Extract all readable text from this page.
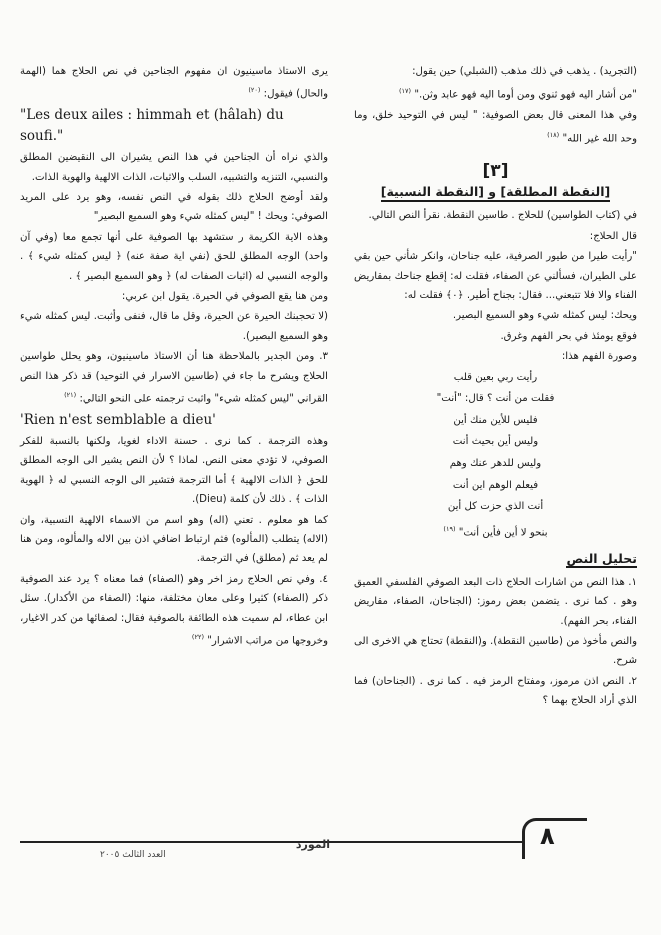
(التجريد) . يذهب في ذلك مذهب (الشبلي) حين يقول:

"من أشار اليه فهو ثنوي ومن أوما اليه فهو عابد وثن." $^{(١٧)}$

وفي هذا المعنى قال بعض الصوفية: " ليس في التوحيد خلق، وما وحد الله غير الله" $^{(١٨)}$

[٣]
[النقطة المطلقة] و [النقطة النسبية]

في (كتاب الطواسين) للحلاج . طاسين النقطة. نقرأ النص التالي.

قال الحلاج:

"رأيت طيرا من طيور الصرفية، عليه جناحان، وانكر شأني حين بقي على الطيران، فسألني عن الصفاء، فقلت له: إقطع جناحك بمقاريض الفناء والا فلا تتبعني... فقال: بجناح أطير. ﴿٠﴾ فقلت له:

ويحك: ليس كمثله شيء وهو السميع البصير.

فوقع يومئذ في بحر الفهم وغرق.

وصورة الفهم هذا:

رأيت ربي بعين قلب

فقلت من أنت ؟ قال: "أنت"

فليس للأين منك أين

وليس أين بحيث أنت

وليس للدهر عنك وهم

فيعلم الوهم اين أنت

أنت الذي حزت كل أين

بنحو لا أين فأين أنت" $^{(١٩)}$

تحليل النص

١. هذا النص من اشارات الحلاج ذات البعد الصوفي الفلسفي العميق وهو . كما نرى . يتضمن بعض رموز: (الجناحان، الصفاء، مقاريض الفناء، بحر الفهم).

والنص مأخوذ من (طاسين النقطة). و(النقطة) تحتاج هي الاخرى الى شرح.

٢. النص اذن مرموز، ومفتاح الرمز فيه . كما نرى . (الجناحان) فما الذي أراد الحلاج بهما ؟

يرى الاستاذ ماسينيون ان مفهوم الجناحين في نص الحلاج هما (الهمة والحال) فيقول: $^{(٢٠)}$

"Les deux ailes : himmah et (hâlah) du soufi."

والذي نراه أن الجناحين في هذا النص يشيران الى النقيضين المطلق والنسبي، التنزيه والتشبيه، السلب والاثبات، الذات الالهية والهوية الذات.

ولقد أوضح الحلاج ذلك بقوله في النص نفسه، وهو يرد على المريد الصوفي: ويحك ! "ليس كمثله شيء وهو السميع البصير"

وهذه الاية الكريمة ر ستشهد بها الصوفية على أنها تجمع معا (وفي آن واحد) الوجه المطلق للحق (نفي اية صفة عنه) ﴿ ليس كمثله شيء ﴾ . والوجه النسبي له (اثبات الصفات له) ﴿ وهو السميع البصير ﴾ .

ومن هنا يقع الصوفي في الحيرة. يقول ابن عربي:

(لا تحجبنك الحيرة عن الحيرة، وقل ما قال، فنفى وأثبت. ليس كمثله شيء وهو السميع البصير).

٣. ومن الجدير بالملاحظة هنا أن الاستاذ ماسينيون، وهو يحلل طواسين الحلاج ويشرح ما جاء في (طاسين الاسرار في التوحيد) قد ذكر هذا النص القراني "ليس كمثله شيء" واثبت ترجمته على النحو التالي: $^{(٢١)}$

'Rien n'est semblable a dieu'

وهذه الترجمة . كما نرى . حسنة الاداء لغويا، ولكنها بالنسبة للفكر الصوفي، لا تؤدي معنى النص. لماذا ؟ لأن النص يشير الى الوجه المطلق للحق ﴿ الذات الالهية ﴾ أما الترجمة فتشير الى الوجه النسبي له ﴿ الهوية الذات ﴾ . ذلك لأن كلمة (Dieu).

كما هو معلوم . تعني (اله) وهو اسم من الاسماء الالهية النسبية، وان (الاله) يتطلب (المألوه) فثم ارتباط اضافي اذن بين الاله والمألوه، ومن هنا لم يعد ثم (مطلق) في الترجمة.

٤. وفي نص الحلاج رمز اخر وهو (الصفاء) فما معناه ؟ يرد عند الصوفية ذكر (الصفاء) كثيرا وعلى معان مختلفة، منها: (الصفاء من الأكدار). سئل ابن عطاء، لم سميت هذه الطائفة بالصوفية فقال: لصفائها من كدر الاغيار، وخروجها من مراتب الاشرار" $^{(٢٢)}$

٨
المورد
العدد الثالث ٢٠٠٥
